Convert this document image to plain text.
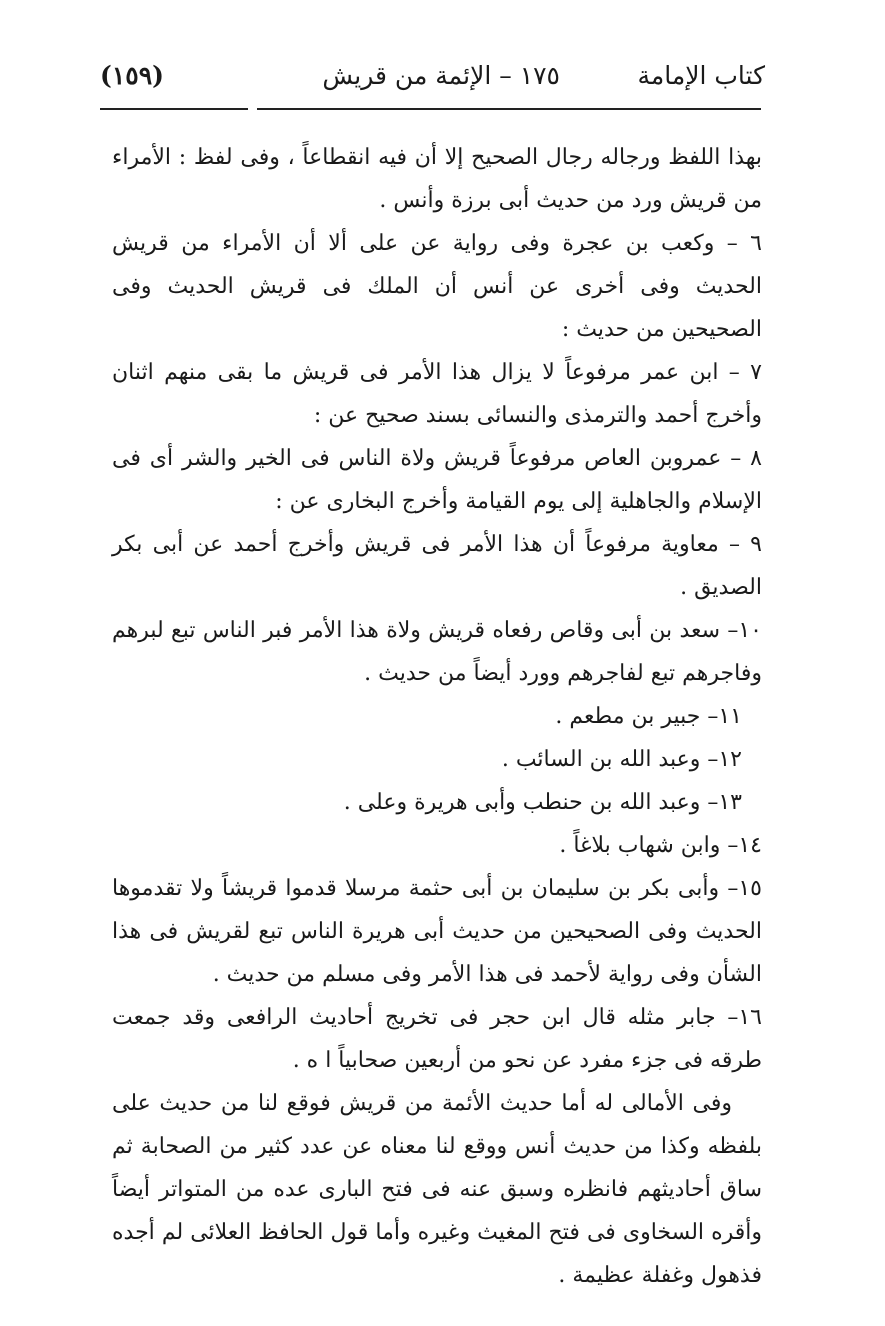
كتاب الإمامة
١٧٥ – الإئمة من قريش
(١٥٩)

بهذا اللفظ ورجاله رجال الصحيح إلا أن فيه انقطاعاً ، وفى لفظ : الأمراء من قريش ورد من حديث أبى برزة وأنس .

٦ – وكعب بن عجرة وفى رواية عن على ألا أن الأمراء من قريش الحديث وفى أخرى عن أنس أن الملك فى قريش الحديث وفى الصحيحين من حديث :

٧ – ابن عمر مرفوعاً لا يزال هذا الأمر فى قريش ما بقى منهم اثنان وأخرج أحمد والترمذى والنسائى بسند صحيح عن :

٨ – عمروبن العاص مرفوعاً قريش ولاة الناس فى الخير والشر أى فى الإسلام والجاهلية إلى يوم القيامة وأخرج البخارى عن :

٩ – معاوية مرفوعاً أن هذا الأمر فى قريش وأخرج أحمد عن أبى بكر الصديق .

١٠– سعد بن أبى وقاص رفعاه قريش ولاة هذا الأمر فبر الناس تبع لبرهم وفاجرهم تبع لفاجرهم وورد أيضاً من حديث .

١١– جبير بن مطعم .

١٢– وعبد الله بن السائب .

١٣– وعبد الله بن حنطب وأبى هريرة وعلى .

١٤– وابن شهاب بلاغاً .

١٥– وأبى بكر بن سليمان بن أبى حثمة مرسلا قدموا قريشاً ولا تقدموها الحديث وفى الصحيحين من حديث أبى هريرة الناس تبع لقريش فى هذا الشأن وفى رواية لأحمد فى هذا الأمر وفى مسلم من حديث .

١٦– جابر مثله قال ابن حجر فى تخريج أحاديث الرافعى وقد جمعت طرقه فى جزء مفرد عن نحو من أربعين صحابياً ا ه .

وفى الأمالى له أما حديث الأئمة من قريش فوقع لنا من حديث على بلفظه وكذا من حديث أنس ووقع لنا معناه عن عدد كثير من الصحابة ثم ساق أحاديثهم فانظره وسبق عنه فى فتح البارى عده من المتواتر أيضاً وأقره السخاوى فى فتح المغيث وغيره وأما قول الحافظ العلائى لم أجده فذهول وغفلة عظيمة .
